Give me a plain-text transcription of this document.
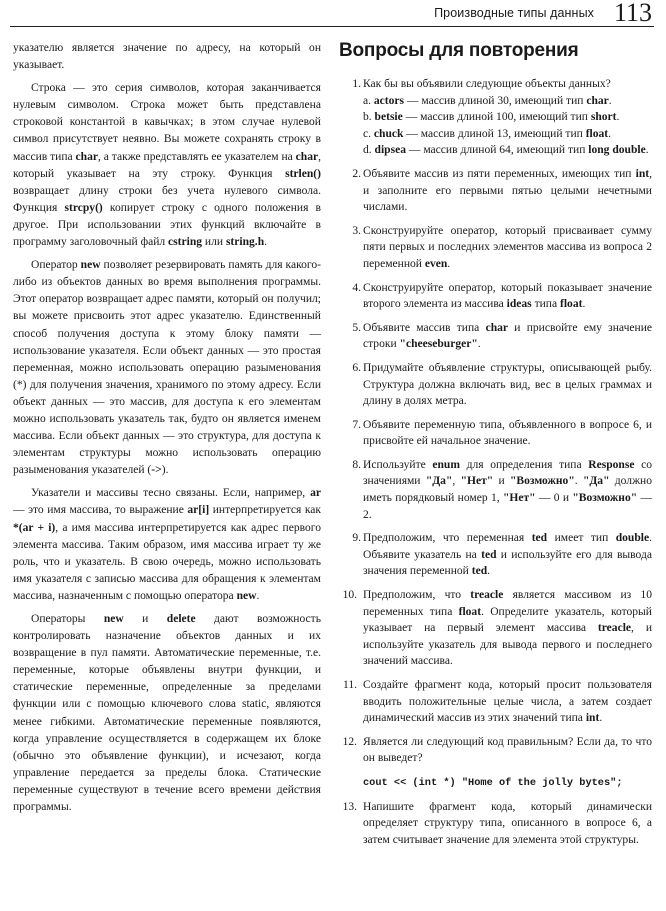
Производные типы данных 113

указателю является значение по адресу, на который он указывает.

Строка — это серия символов, которая заканчивается нулевым символом. Строка может быть представлена строковой константой в кавычках; в этом случае нулевой символ присутствует неявно. Вы можете сохранять строку в массив типа char, а также представлять ее указателем на char, который указывает на эту строку. Функция strlen() возвращает длину строки без учета нулевого символа. Функция strcpy() копирует строку с одного положения в другое. При использовании этих функций включайте в программу заголовочный файл cstring или string.h.

Оператор new позволяет резервировать память для какого-либо из объектов данных во время выполнения программы. Этот оператор возвращает адрес памяти, который он получил; вы можете присвоить этот адрес указателю. Единственный способ получения доступа к этому блоку памяти — использование указателя. Если объект данных — это простая переменная, можно использовать операцию разыменования (*) для получения значения, хранимого по этому адресу. Если объект данных — это массив, для доступа к его элементам можно использовать указатель так, будто он является именем массива. Если объект данных — это структура, для доступа к элементам структуры можно использовать операцию разыменования указателей (->).

Указатели и массивы тесно связаны. Если, например, ar — это имя массива, то выражение ar[i] интерпретируется как *(ar + i), а имя массива интерпретируется как адрес первого элемента массива. Таким образом, имя массива играет ту же роль, что и указатель. В свою очередь, можно использовать имя указателя с записью массива для обращения к элементам массива, назначенным с помощью оператора new.

Операторы new и delete дают возможность контролировать назначение объектов данных и их возвращение в пул памяти. Автоматические переменные, т.е. переменные, которые объявлены внутри функции, и статические переменные, определенные за пределами функции или с помощью ключевого слова static, являются менее гибкими. Автоматические переменные появляются, когда управление осуществляется в содержащем их блоке (обычно это объявление функции), и исчезают, когда управление передается за пределы блока. Статические переменные существуют в течение всего времени действия программы.

Вопросы для повторения
1. Как бы вы объявили следующие объекты данных?
a. actors — массив длиной 30, имеющий тип char.
b. betsie — массив длиной 100, имеющий тип short.
c. chuck — массив длиной 13, имеющий тип float.
d. dipsea — массив длиной 64, имеющий тип long double.
2. Объявите массив из пяти переменных, имеющих тип int, и заполните его первыми пятью целыми нечетными числами.
3. Сконструируйте оператор, который присваивает сумму пяти первых и последних элементов массива из вопроса 2 переменной even.
4. Сконструируйте оператор, который показывает значение второго элемента из массива ideas типа float.
5. Объявите массив типа char и присвойте ему значение строки "cheeseburger".
6. Придумайте объявление структуры, описывающей рыбу. Структура должна включать вид, вес в целых граммах и длину в долях метра.
7. Объявите переменную типа, объявленного в вопросе 6, и присвойте ей начальное значение.
8. Используйте enum для определения типа Response со значениями "Да", "Нет" и "Возможно". "Да" должно иметь порядковый номер 1, "Нет" — 0 и "Возможно" — 2.
9. Предположим, что переменная ted имеет тип double. Объявите указатель на ted и используйте его для вывода значения переменной ted.
10. Предположим, что treacle является массивом из 10 переменных типа float. Определите указатель, который указывает на первый элемент массива treacle, и используйте указатель для вывода первого и последнего значений массива.
11. Создайте фрагмент кода, который просит пользователя вводить положительные целые числа, а затем создает динамический массив из этих значений типа int.
12. Является ли следующий код правильным? Если да, то что он выведет?
cout << (int *) "Home of the jolly bytes";
13. Напишите фрагмент кода, который динамически определяет структуру типа, описанного в вопросе 6, а затем считывает значение для элемента этой структуры.
